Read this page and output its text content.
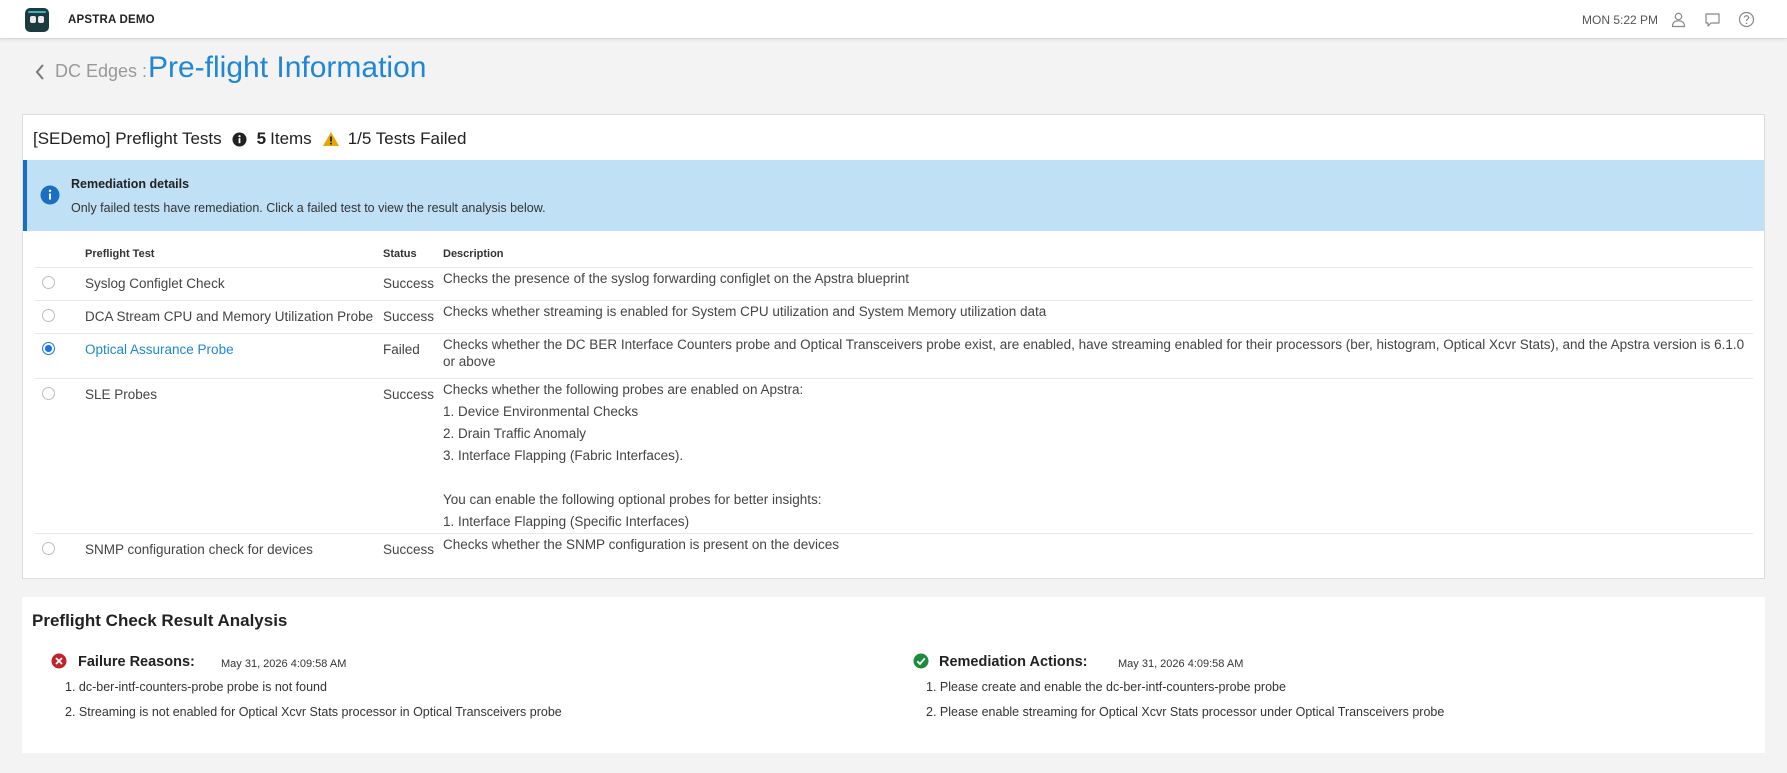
APSTRA DEMO	MON 5:22 PM
DC Edges : Pre-flight Information
[SEDemo] Preflight Tests 5 Items 1/5 Tests Failed
Remediation details
Only failed tests have remediation. Click a failed test to view the result analysis below.
Preflight Test	Status Description
Syslog Configlet Check	Success Checks the presence of the syslog forwarding configlet on the Apstra blueprint
DCA Stream CPU and Memory Utilization Probe Success Checks whether streaming is enabled for System CPU utilization and System Memory utilization data
Optical Assurance Probe	Failed Checks whether the DC BER Interface Counters probe and Optical Transceivers probe exist, are enabled, have streaming enabled for their processors (ber, histogram, Optical Xcvr Stats), and the Apstra version is 6.1.0 or above
SLE Probes	Success Checks whether the following probes are enabled on Apstra:
1. Device Environmental Checks
2. Drain Traffic Anomaly
3. Interface Flapping (Fabric Interfaces).
You can enable the following optional probes for better insights:
1. Interface Flapping (Specific Interfaces)
SNMP configuration check for devices	Success Checks whether the SNMP configuration is present on the devices
Preflight Check Result Analysis
Failure Reasons: May 31, 2026 4:09:58 AM
1. dc-ber-intf-counters-probe probe is not found
2. Streaming is not enabled for Optical Xcvr Stats processor in Optical Transceivers probe
Remediation Actions:	May 31, 2026 4:09:58 AM
1. Please create and enable the dc-ber-intf-counters-probe probe
2. Please enable streaming for Optical Xcvr Stats processor under Optical Transceivers probe
